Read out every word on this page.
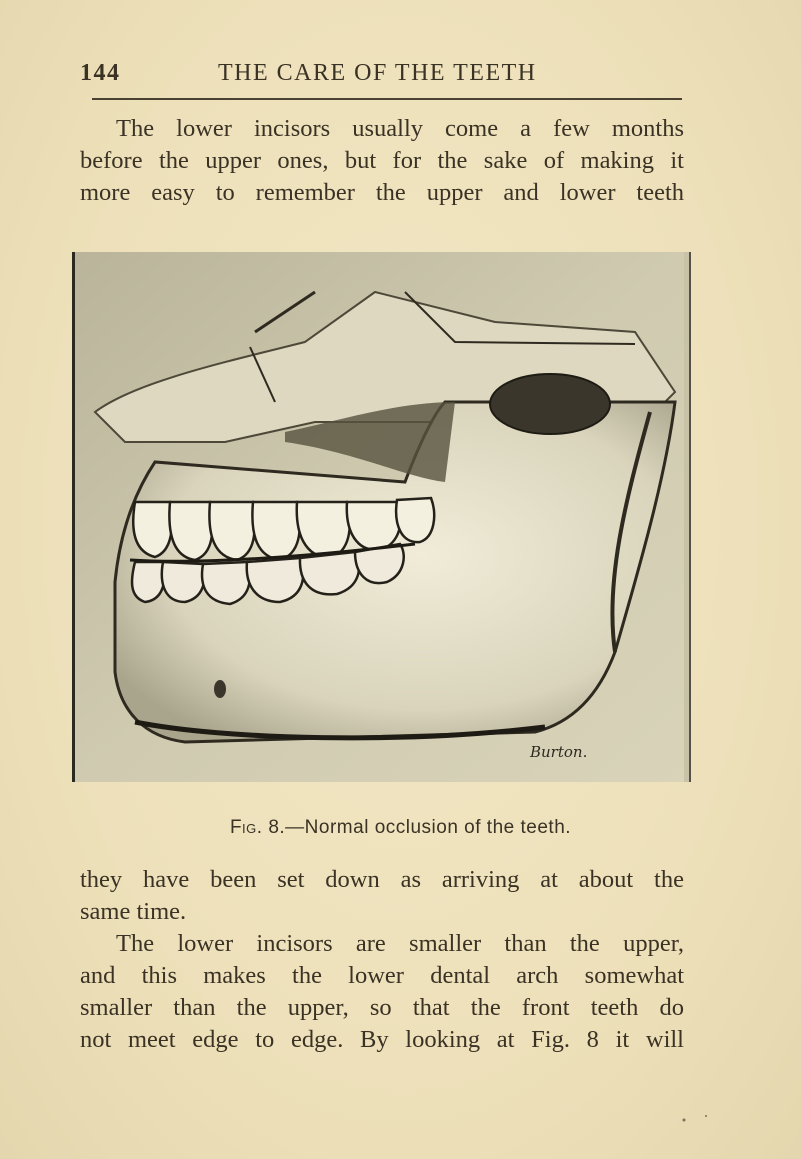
144	THE CARE OF THE TEETH
The lower incisors usually come a few months
before the upper ones, but for the sake of making it
more easy to remember the upper and lower teeth
Burton.
Fig. 8.—Normal occlusion of the teeth.
they have been set down as arriving at about the
same time.
The lower incisors are smaller than the upper,
and this makes the lower dental arch somewhat
smaller than the upper, so that the front teeth do
not meet edge to edge. By looking at Fig. 8 it will
